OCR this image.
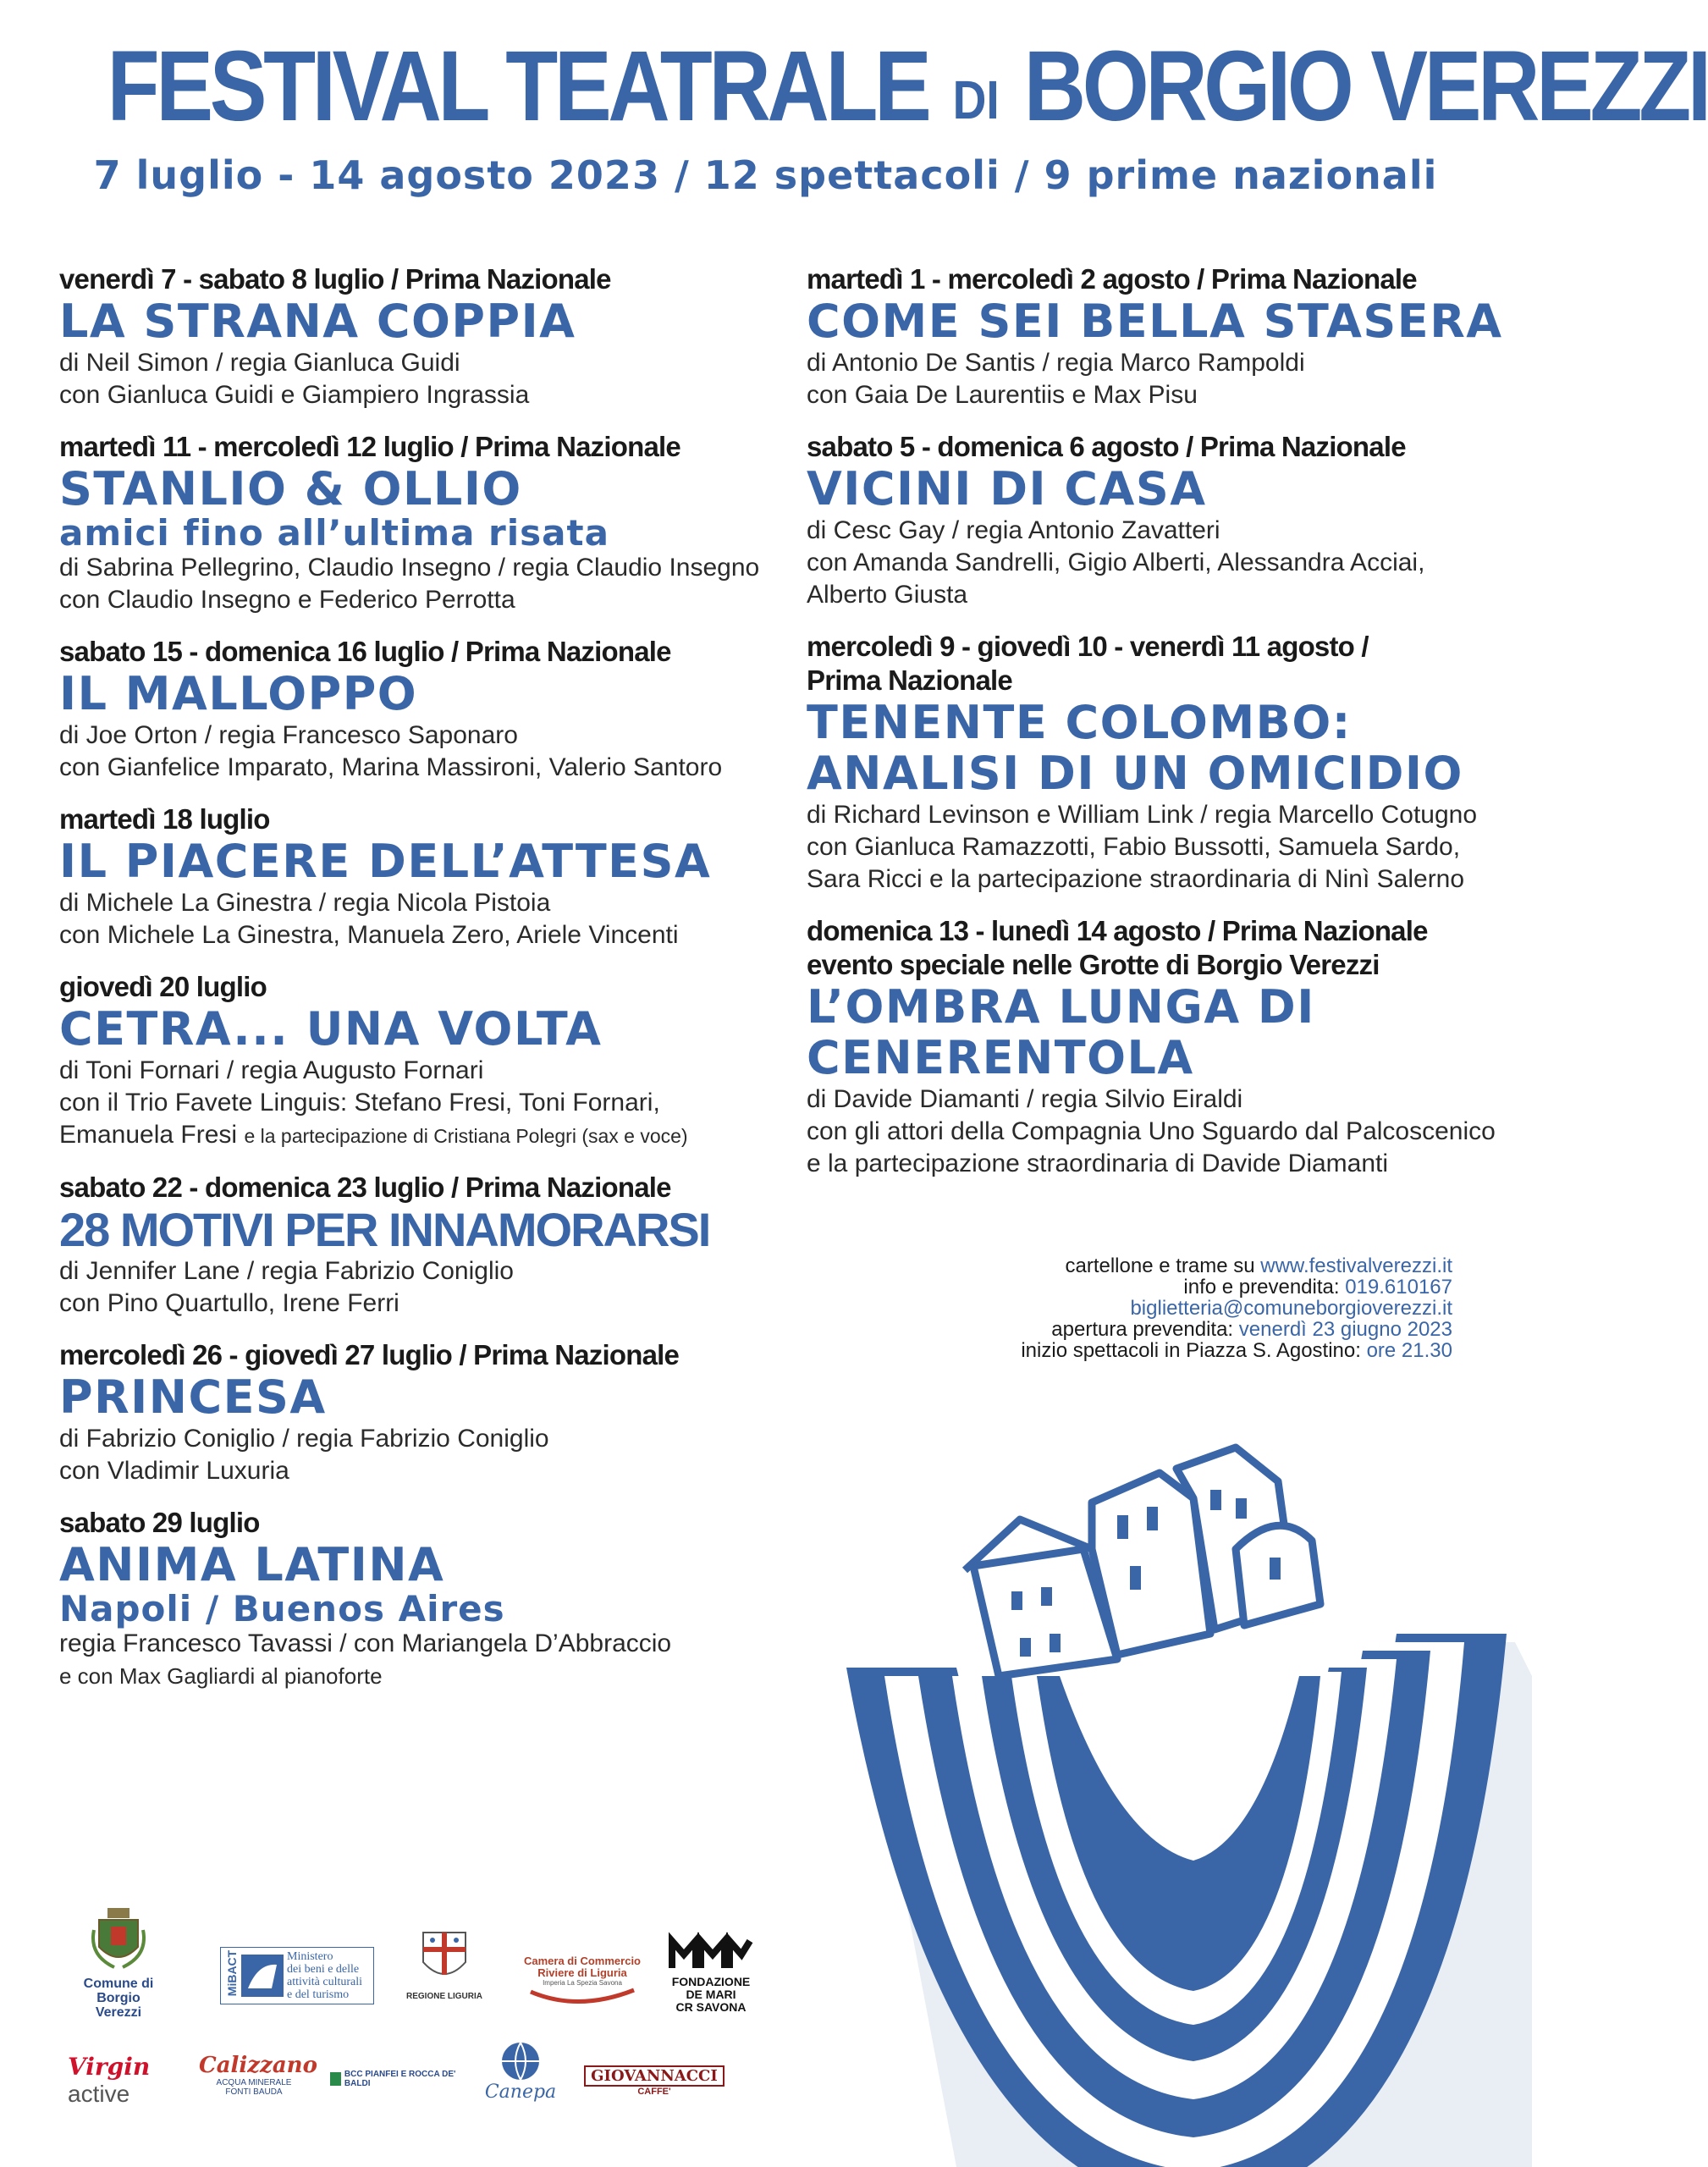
FESTIVAL TEATRALE DI BORGIO VEREZZI
7 luglio - 14 agosto 2023 / 12 spettacoli / 9 prime nazionali
venerdì 7 - sabato 8 luglio / Prima Nazionale
LA STRANA COPPIA
di Neil Simon / regia Gianluca Guidi
con Gianluca Guidi e Giampiero Ingrassia
martedì 11 - mercoledì 12 luglio / Prima Nazionale
STANLIO & OLLIO
amici fino all’ultima risata
di Sabrina Pellegrino, Claudio Insegno / regia Claudio Insegno
con Claudio Insegno e Federico Perrotta
sabato 15 - domenica 16 luglio / Prima Nazionale
IL MALLOPPO
di Joe Orton / regia Francesco Saponaro
con Gianfelice Imparato, Marina Massironi, Valerio Santoro
martedì 18 luglio
IL PIACERE DELL’ATTESA
di Michele La Ginestra / regia Nicola Pistoia
con Michele La Ginestra, Manuela Zero, Ariele Vincenti
giovedì 20 luglio
CETRA... UNA VOLTA
di Toni Fornari / regia Augusto Fornari
con il Trio Favete Linguis: Stefano Fresi, Toni Fornari,
Emanuela Fresi e la partecipazione di Cristiana Polegri (sax e voce)
sabato 22 - domenica 23 luglio / Prima Nazionale
28 MOTIVI PER INNAMORARSI
di Jennifer Lane / regia Fabrizio Coniglio
con Pino Quartullo, Irene Ferri
mercoledì 26 - giovedì 27 luglio / Prima Nazionale
PRINCESA
di Fabrizio Coniglio / regia Fabrizio Coniglio
con Vladimir Luxuria
sabato 29 luglio
ANIMA LATINA
Napoli / Buenos Aires
regia Francesco Tavassi / con Mariangela D’Abbraccio
e con Max Gagliardi al pianoforte
martedì 1 - mercoledì 2 agosto / Prima Nazionale
COME SEI BELLA STASERA
di Antonio De Santis / regia Marco Rampoldi
con Gaia De Laurentiis e Max Pisu
sabato 5 - domenica 6 agosto / Prima Nazionale
VICINI DI CASA
di Cesc Gay / regia Antonio Zavatteri
con Amanda Sandrelli, Gigio Alberti, Alessandra Acciai,
Alberto Giusta
mercoledì 9 - giovedì 10 - venerdì 11 agosto /
Prima Nazionale
TENENTE COLOMBO:
ANALISI DI UN OMICIDIO
di Richard Levinson e William Link / regia Marcello Cotugno
con Gianluca Ramazzotti, Fabio Bussotti, Samuela Sardo,
Sara Ricci e la partecipazione straordinaria di Ninì Salerno
domenica 13 - lunedì 14 agosto / Prima Nazionale
evento speciale nelle Grotte di Borgio Verezzi
L’OMBRA LUNGA DI
CENERENTOLA
di Davide Diamanti / regia Silvio Eiraldi
con gli attori della Compagnia Uno Sguardo dal Palcoscenico
e la partecipazione straordinaria di Davide Diamanti
cartellone e trame su www.festivalverezzi.it
info e prevendita: 019.610167
biglietteria@comuneborgioverezzi.it
apertura prevendita: venerdì 23 giugno 2023
inizio spettacoli in Piazza S. Agostino: ore 21.30
Comune di Borgio Verezzi
MiBACT	Ministero
dei beni e delle
attività culturali
e del turismo	REGIONE LIGURIA
Camera di Commercio
Riviere di Liguria
Imperia La Spezia Savona	FONDAZIONE
DE MARI
CR SAVONA
Virgin active
Calizzano
ACQUA MINERALE
FONTI BAUDA
BCC PIANFEI E ROCCA DE' BALDI	Canepa
GIOVANNACCI
CAFFE'
